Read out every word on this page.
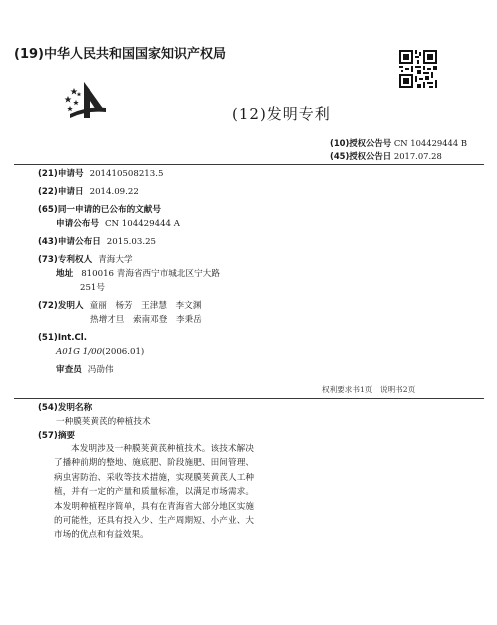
(19)中华人民共和国国家知识产权局
(12)发明专利
(10)授权公告号 CN 104429444 B
(45)授权公告日 2017.07.28
(21)申请号 201410508213.5
(22)申请日 2014.09.22
(65)同一申请的已公布的文献号
申请公布号 CN 104429444 A
(43)申请公布日 2015.03.25
(73)专利权人 青海大学
地址 810016 青海省西宁市城北区宁大路
251号
(72)发明人 童丽　杨芳　王津慧　李文渊
热增才旦　索南邓登　李秉岳
(51)Int.Cl.
A01G 1/00(2006.01)
审查员 冯劭伟
权利要求书1页　说明书2页
(54)发明名称
一种膜荚黄芪的种植技术
(57)摘要
本发明涉及一种膜荚黄芪种植技术。该技术解决了播种前期的整地、施底肥、阶段施肥、田间管理、病虫害防治、采收等技术措施，实现膜荚黄芪人工种植，并有一定的产量和质量标准，以满足市场需求。本发明种植程序简单，具有在青海省大部分地区实施的可能性，还具有投入少、生产周期短、小产业、大市场的优点和有益效果。
